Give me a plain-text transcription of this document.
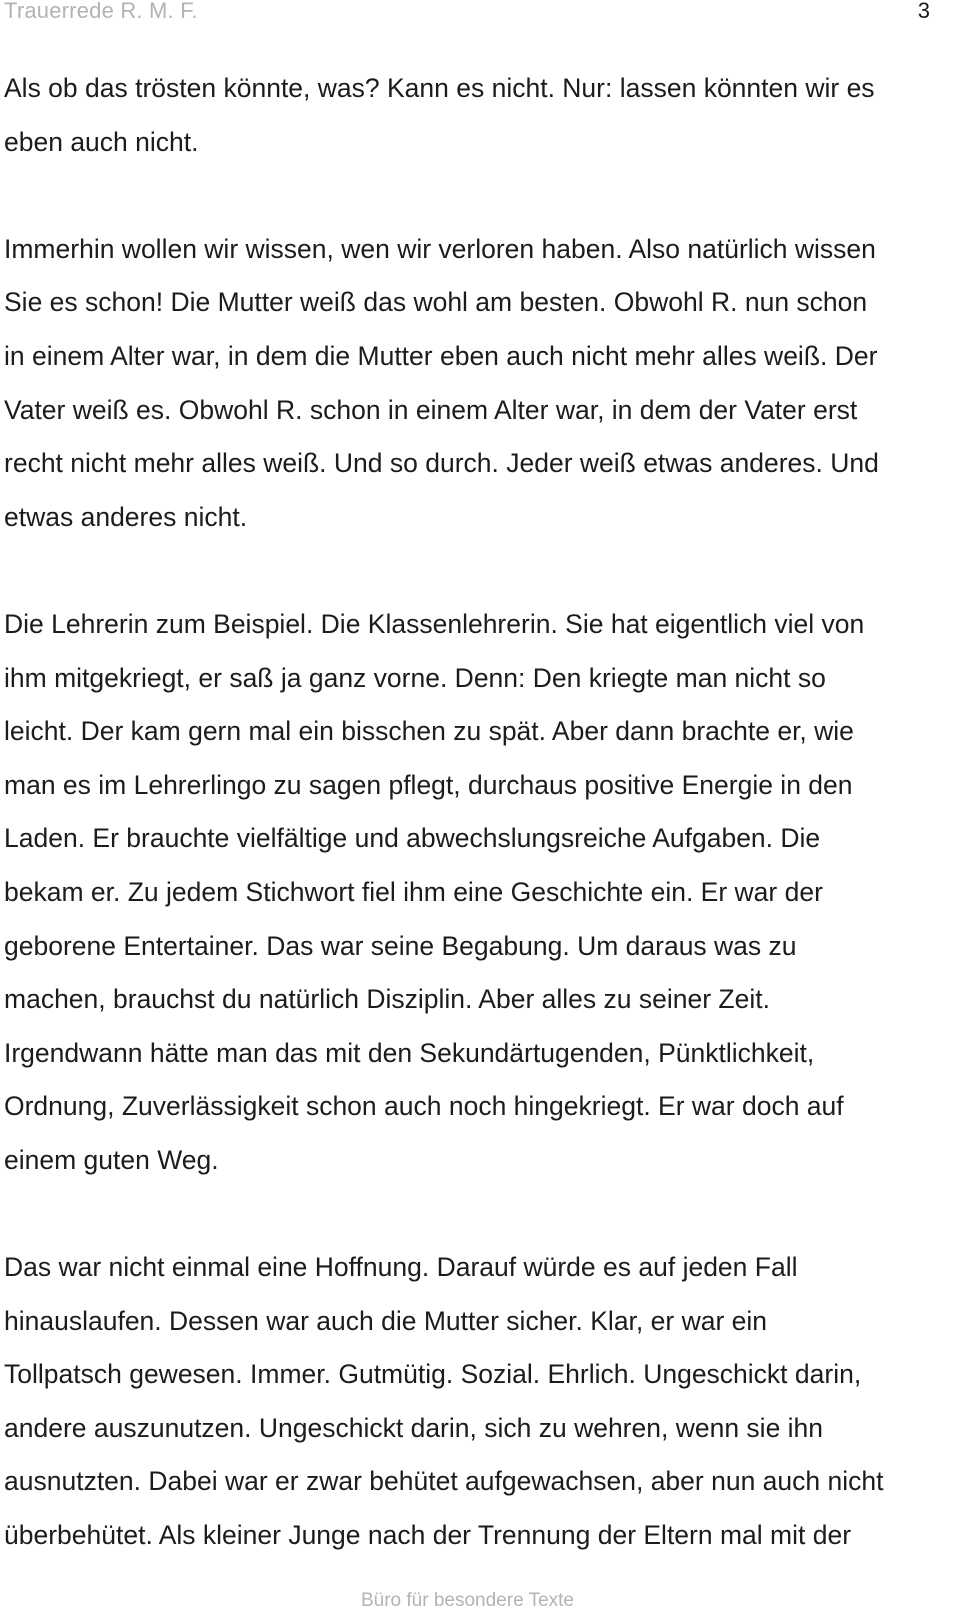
Trauerrede R. M. F.	3
Als ob das trösten könnte, was? Kann es nicht. Nur: lassen könnten wir es
eben auch nicht.
Immerhin wollen wir wissen, wen wir verloren haben. Also natürlich wissen
Sie es schon! Die Mutter weiß das wohl am besten. Obwohl R. nun schon
in einem Alter war, in dem die Mutter eben auch nicht mehr alles weiß. Der
Vater weiß es. Obwohl R. schon in einem Alter war, in dem der Vater erst
recht nicht mehr alles weiß. Und so durch. Jeder weiß etwas anderes. Und
etwas anderes nicht.
Die Lehrerin zum Beispiel. Die Klassenlehrerin. Sie hat eigentlich viel von
ihm mitgekriegt, er saß ja ganz vorne. Denn: Den kriegte man nicht so
leicht. Der kam gern mal ein bisschen zu spät. Aber dann brachte er, wie
man es im Lehrerlingo zu sagen pflegt, durchaus positive Energie in den
Laden. Er brauchte vielfältige und abwechslungsreiche Aufgaben. Die
bekam er. Zu jedem Stichwort fiel ihm eine Geschichte ein. Er war der
geborene Entertainer. Das war seine Begabung. Um daraus was zu
machen, brauchst du natürlich Disziplin. Aber alles zu seiner Zeit.
Irgendwann hätte man das mit den Sekundärtugenden, Pünktlichkeit,
Ordnung, Zuverlässigkeit schon auch noch hingekriegt. Er war doch auf
einem guten Weg.
Das war nicht einmal eine Hoffnung. Darauf würde es auf jeden Fall
hinauslaufen. Dessen war auch die Mutter sicher. Klar, er war ein
Tollpatsch gewesen. Immer. Gutmütig. Sozial. Ehrlich. Ungeschickt darin,
andere auszunutzen. Ungeschickt darin, sich zu wehren, wenn sie ihn
ausnutzten. Dabei war er zwar behütet aufgewachsen, aber nun auch nicht
überbehütet. Als kleiner Junge nach der Trennung der Eltern mal mit der
Büro für besondere Texte
